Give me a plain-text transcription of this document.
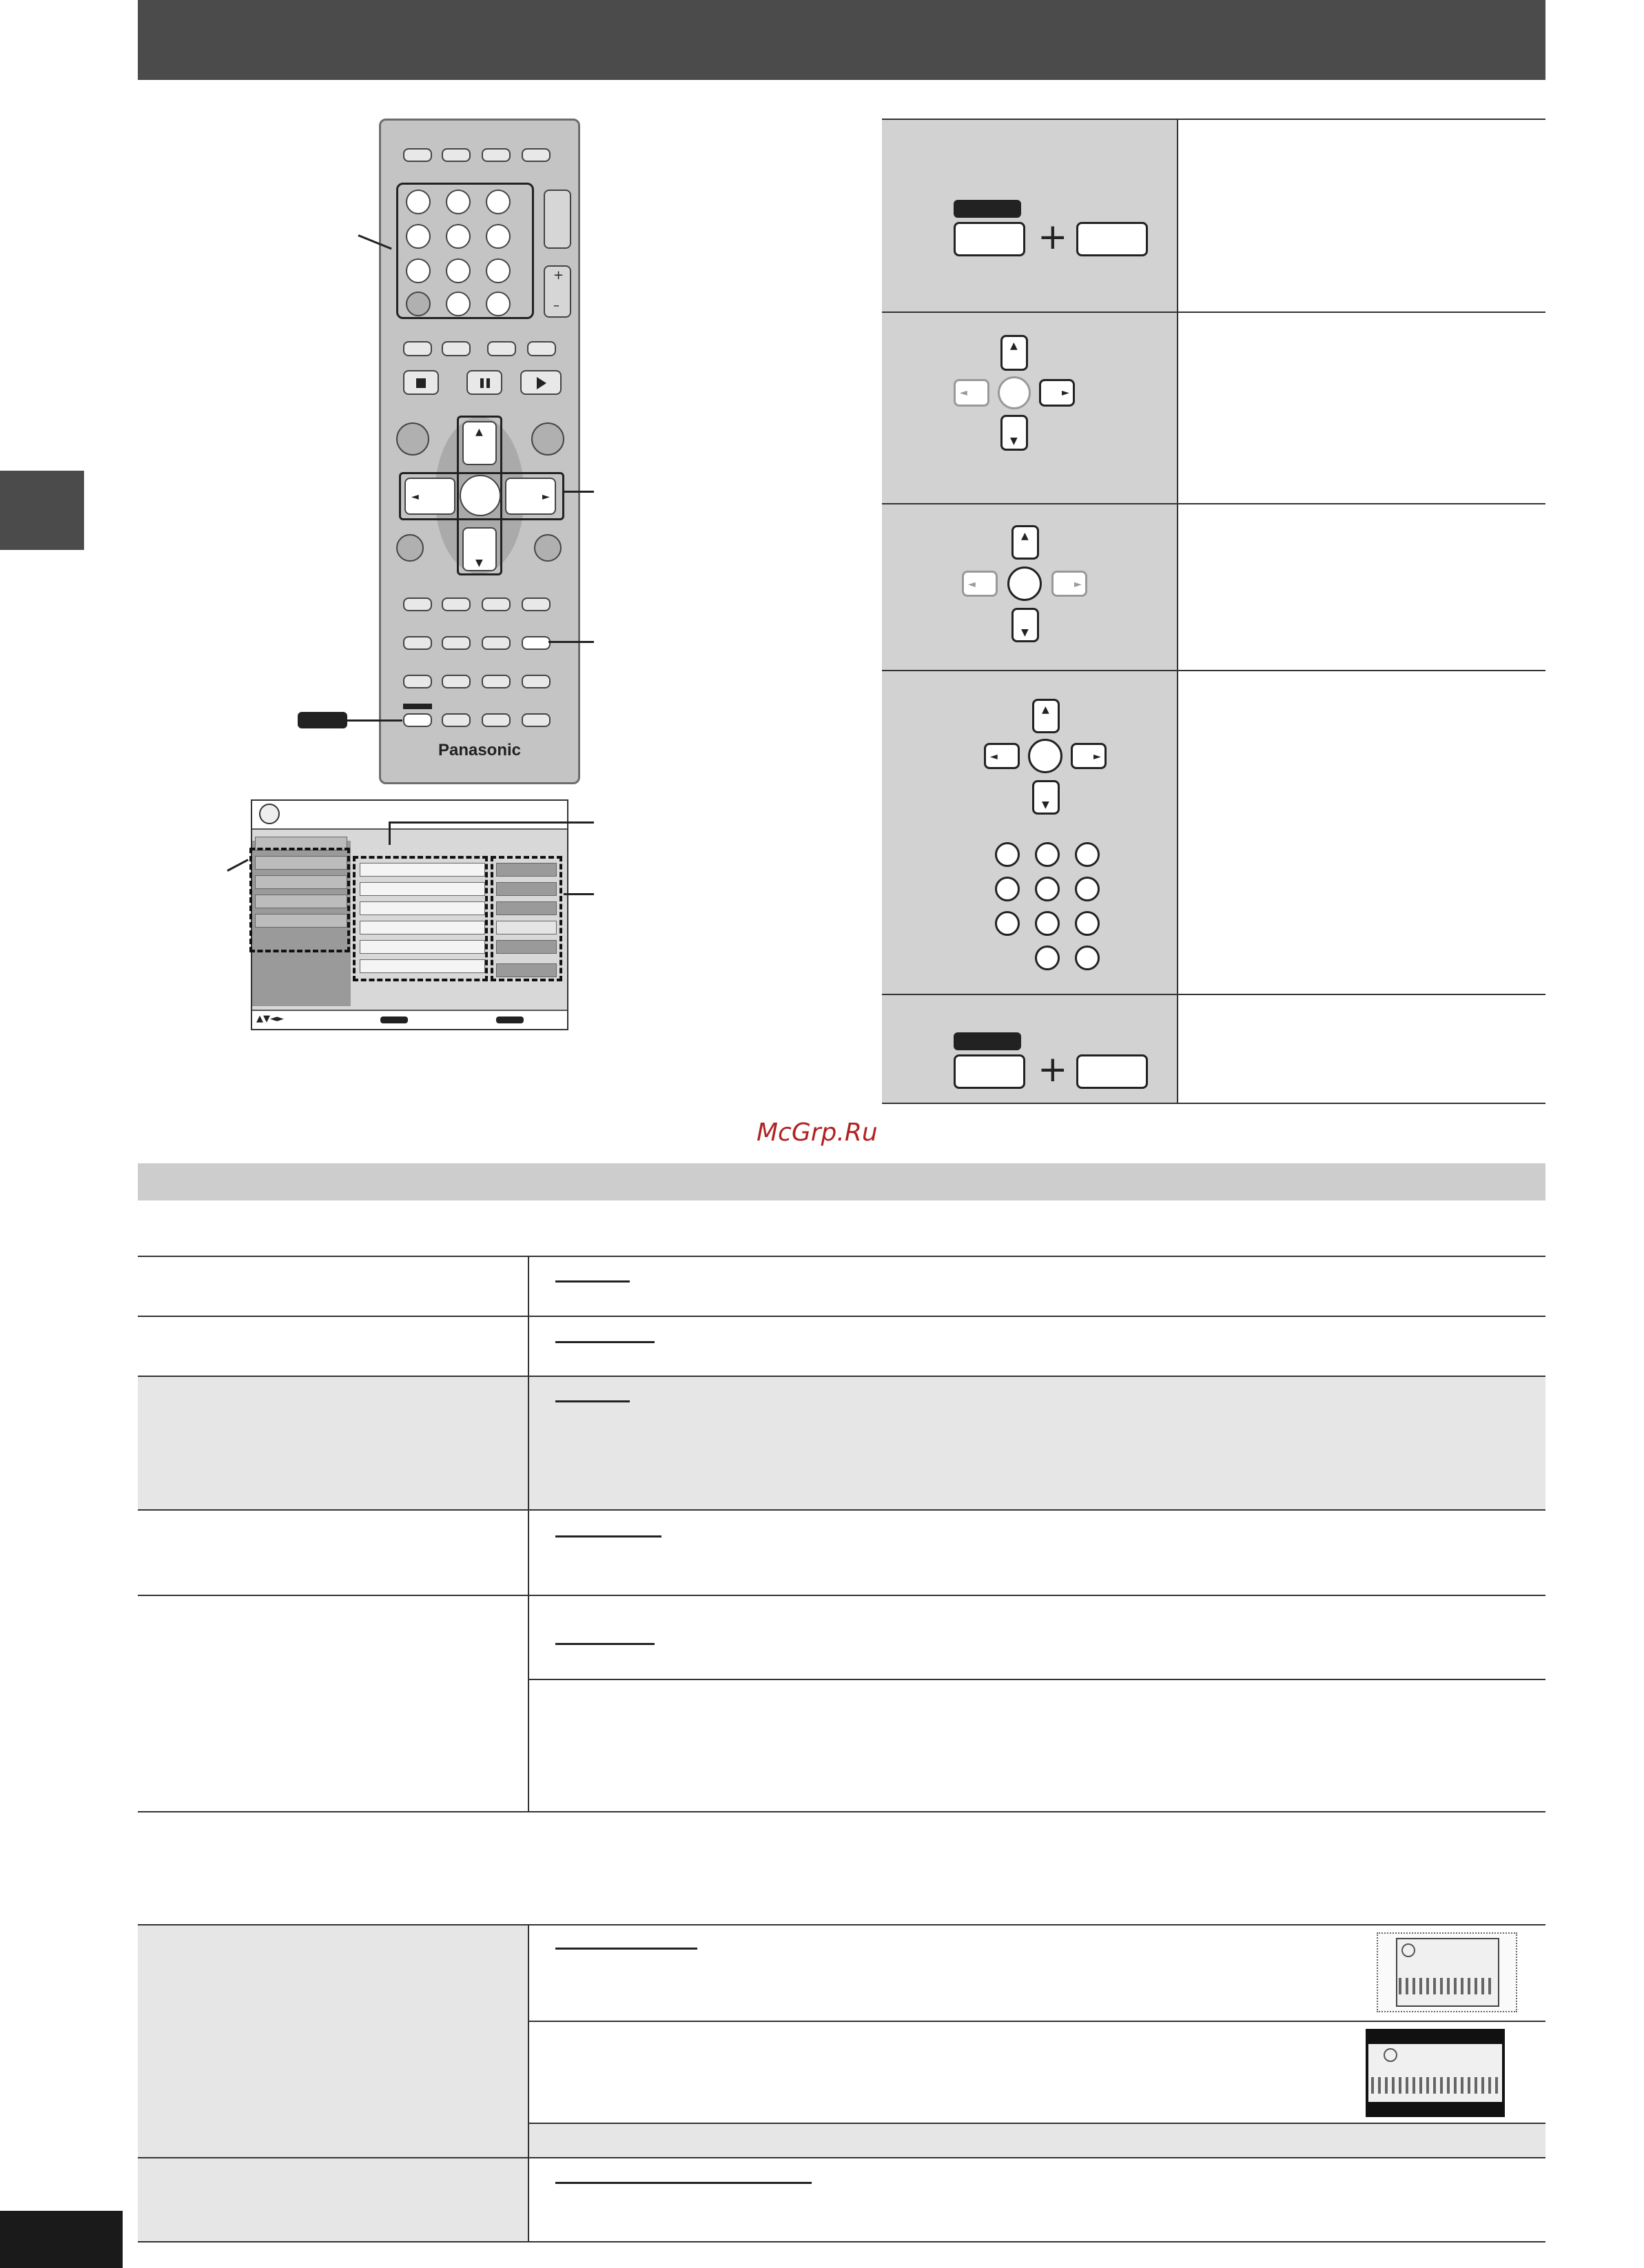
+
–
▲
▼
◄	►
Panasonic
▲▼◄►
+
▲
◄	►
▼
▲
◄	►
▼
▲
◄	►
▼
+
McGrp.Ru
